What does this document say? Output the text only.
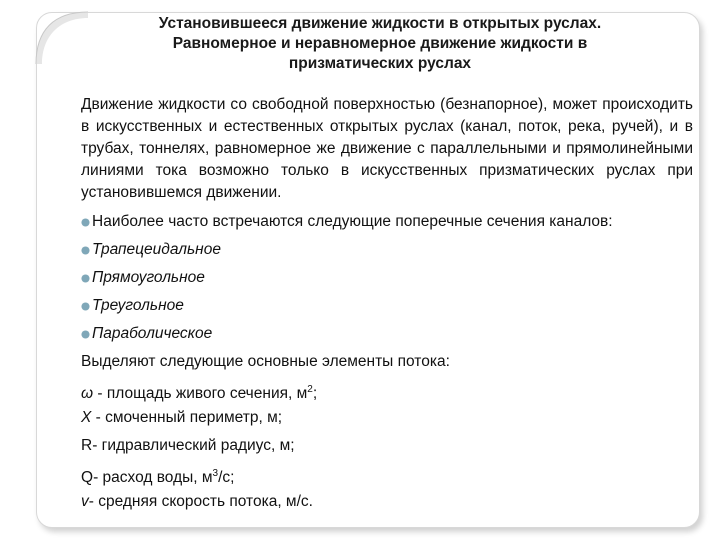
Установившееся движение жидкости в открытых руслах.
Равномерное и неравномерное движение жидкости в
призматических руслах

Движение жидкости со свободной поверхностью (безнапорное), может происходить в искусственных и естественных открытых руслах (канал, поток, река, ручей), и в трубах, тоннелях, равномерное же движение с параллельными и прямолинейными линиями тока возможно только в искусственных призматических руслах при установившемся движении.

Наиболее часто встречаются следующие поперечные сечения каналов:
Трапецеидальное
Прямоугольное
Треугольное
Параболическое
Выделяют следующие основные элементы потока:
ω - площадь живого сечения, $м^2$;
Χ - смоченный периметр, м;
R- гидравлический радиус, м;
Q- расход воды, $м^3/с$;
v- средняя скорость потока, м/с.
